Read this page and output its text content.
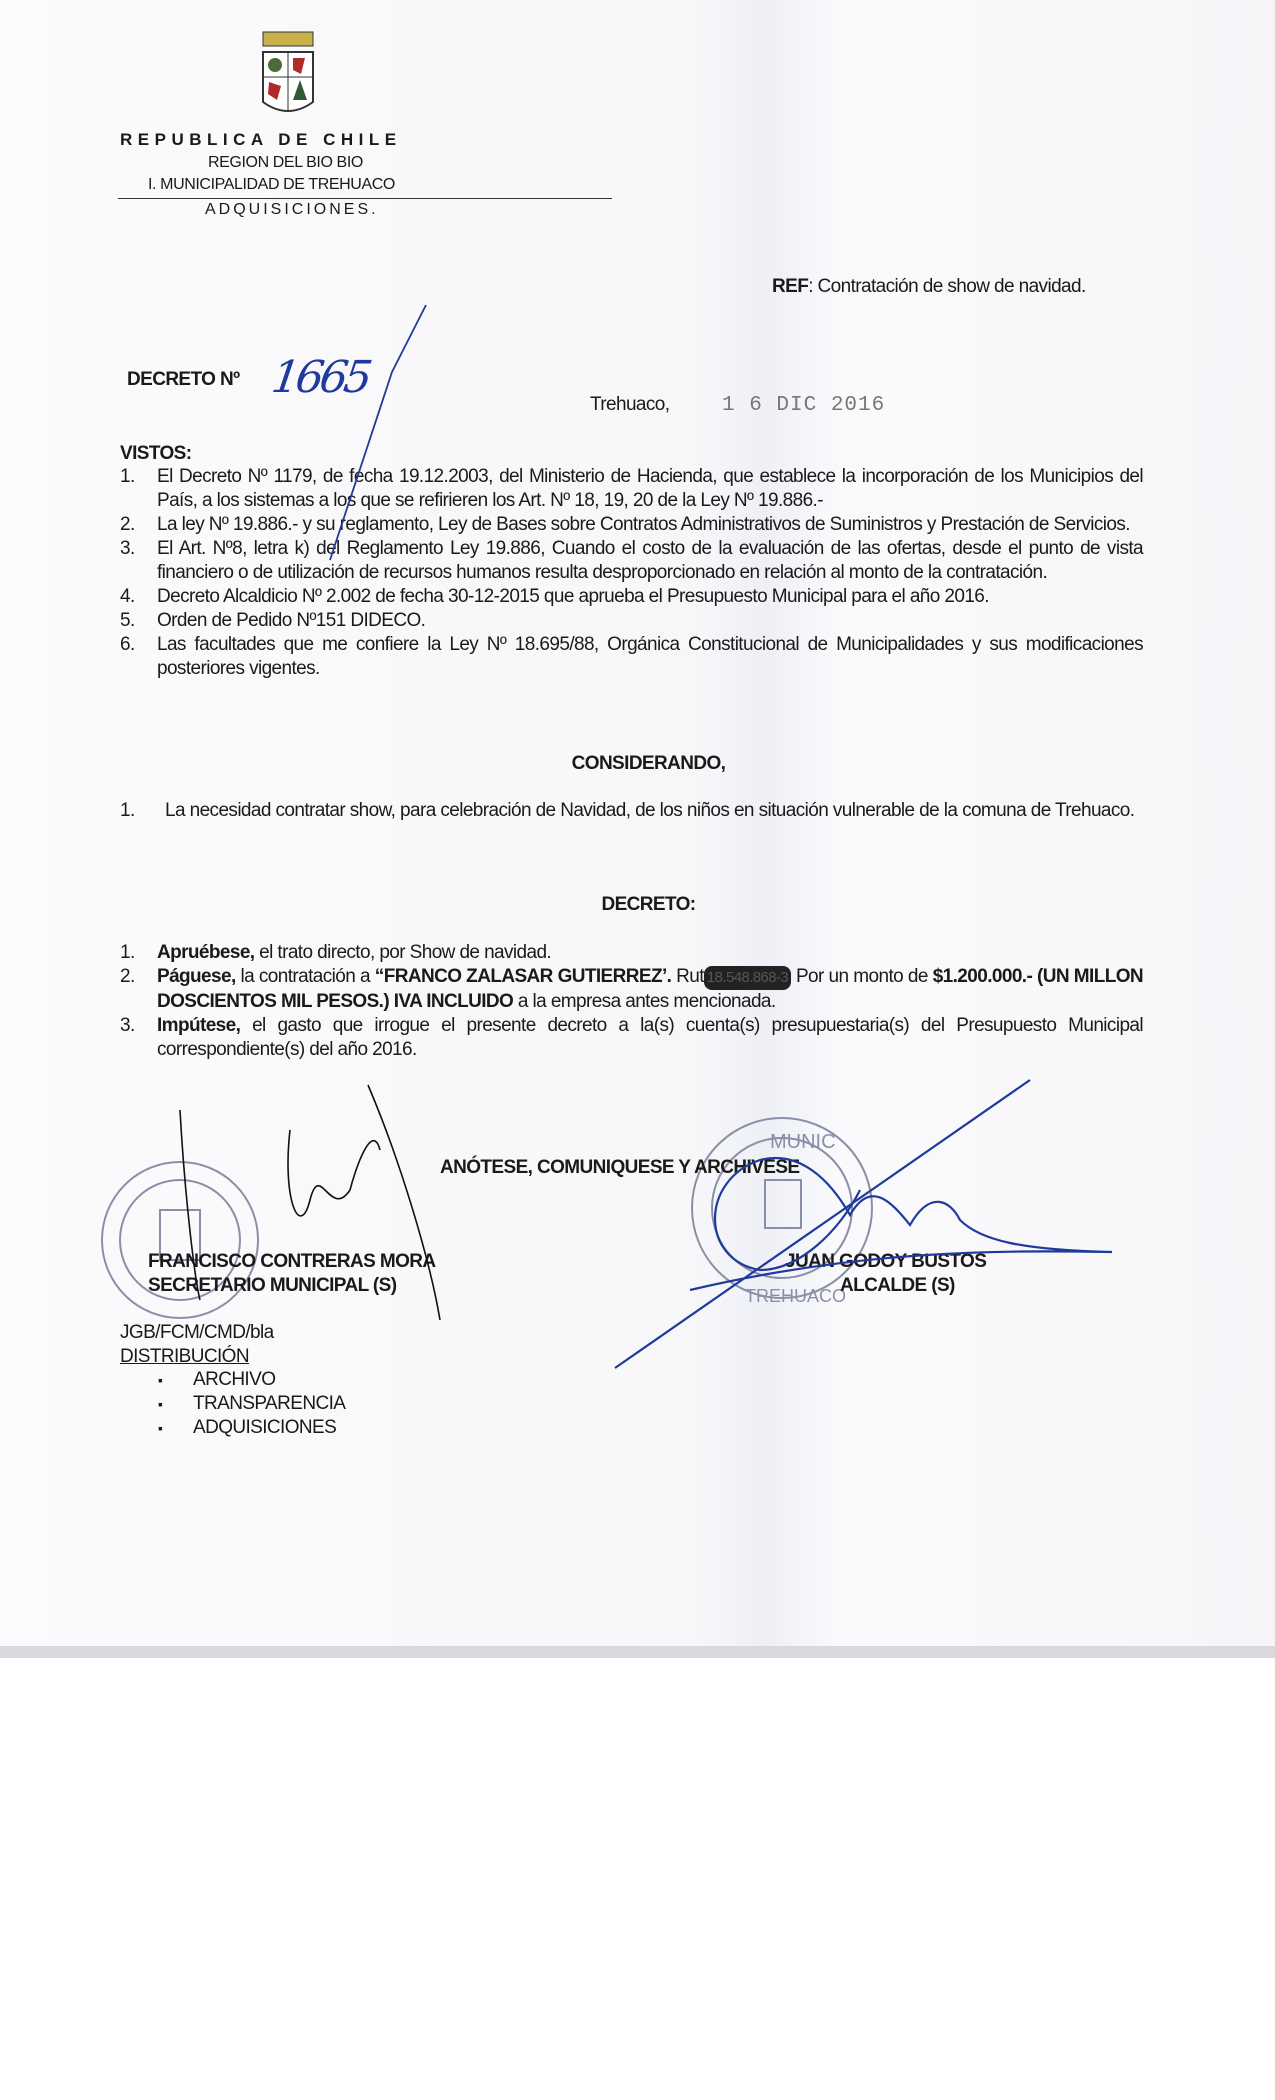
REPUBLICA DE CHILE
REGION DEL BIO BIO
I. MUNICIPALIDAD DE TREHUACO
ADQUISICIONES.
REF: Contratación de show de navidad.
DECRETO Nº 1665
Trehuaco,	1 6 DIC 2016
VISTOS:
1.	El Decreto Nº 1179, de fecha 19.12.2003, del Ministerio de Hacienda, que establece la incorporación de los Municipios del País, a los sistemas a los que se refirieren los Art. Nº 18, 19, 20 de la Ley Nº 19.886.-
2.	La ley Nº 19.886.- y su reglamento, Ley de Bases sobre Contratos Administrativos de Suministros y Prestación de Servicios.
3.	El Art. Nº8, letra k) del Reglamento Ley 19.886, Cuando el costo de la evaluación de las ofertas, desde el punto de vista financiero o de utilización de recursos humanos resulta desproporcionado en relación al monto de la contratación.
4.	Decreto Alcaldicio Nº 2.002 de fecha 30-12-2015 que aprueba el Presupuesto Municipal para el año 2016.
5.	Orden de Pedido Nº151 DIDECO.
6.	Las facultades que me confiere la Ley Nº 18.695/88, Orgánica Constitucional de Municipalidades y sus modificaciones posteriores vigentes.
CONSIDERANDO,
1.	La necesidad contratar show, para celebración de Navidad, de los niños en situación vulnerable de la comuna de Trehuaco.
DECRETO:
1.	Apruébese, el trato directo, por Show de navidad.
2.	Páguese, la contratación a “FRANCO ZALASAR GUTIERREZ’. Rut 18.548.868-3 Por un monto de $1.200.000.- (UN MILLON DOSCIENTOS MIL PESOS.) IVA INCLUIDO a la empresa antes mencionada.
3.	Impútese, el gasto que irrogue el presente decreto a la(s) cuenta(s) presupuestaria(s) del Presupuesto Municipal correspondiente(s) del año 2016.
MUNIC
TREHUACO
ANÓTESE, COMUNIQUESE Y ARCHIVESE
FRANCISCO CONTRERAS MORA
SECRETARIO MUNICIPAL (S)
JUAN GODOY BUSTOS
ALCALDE (S)
JGB/FCM/CMD/bla
DISTRIBUCIÓN
▪ ARCHIVO
▪ TRANSPARENCIA
▪ ADQUISICIONES
